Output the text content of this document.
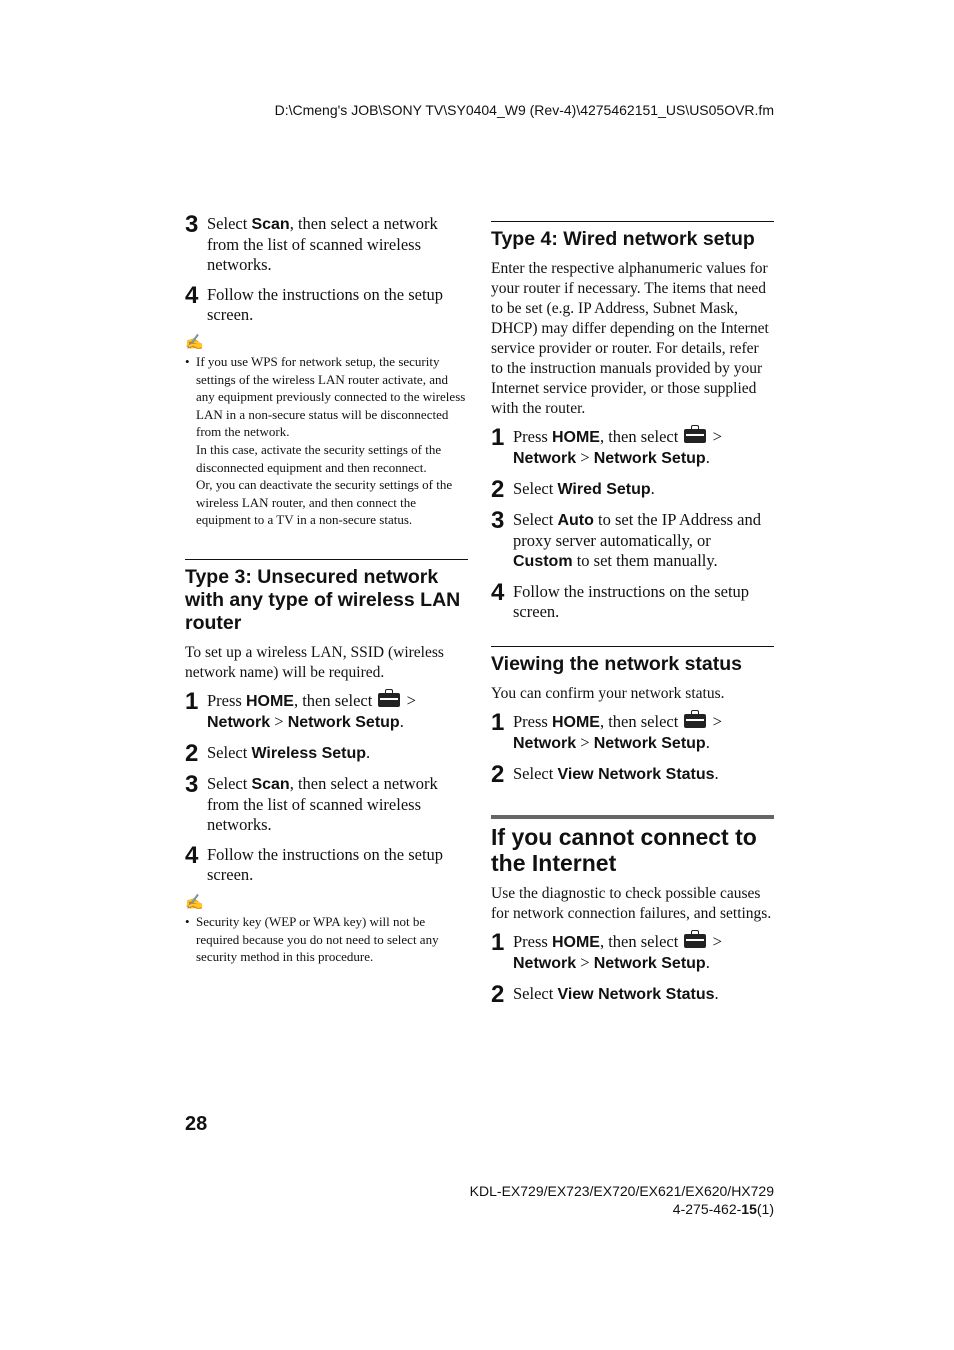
D:\Cmeng's JOB\SONY TV\SY0404_W9 (Rev-4)\4275462151_US\US05OVR.fm
3 Select Scan, then select a network from the list of scanned wireless networks.
4 Follow the instructions on the setup screen.
✍
• If you use WPS for network setup, the security settings of the wireless LAN router activate, and any equipment previously connected to the wireless LAN in a non-secure status will be disconnected from the network.
In this case, activate the security settings of the disconnected equipment and then reconnect.
Or, you can deactivate the security settings of the wireless LAN router, and then connect the equipment to a TV in a non-secure status.
Type 3: Unsecured network with any type of wireless LAN router
To set up a wireless LAN, SSID (wireless network name) will be required.
1 Press HOME, then select  >
Network > Network Setup.
2 Select Wireless Setup.
3 Select Scan, then select a network from the list of scanned wireless networks.
4 Follow the instructions on the setup screen.
✍
• Security key (WEP or WPA key) will not be required because you do not need to select any security method in this procedure.
Type 4: Wired network setup
Enter the respective alphanumeric values for your router if necessary. The items that need to be set (e.g. IP Address, Subnet Mask, DHCP) may differ depending on the Internet service provider or router. For details, refer to the instruction manuals provided by your Internet service provider, or those supplied with the router.
1 Press HOME, then select  >
Network > Network Setup.
2 Select Wired Setup.
3 Select Auto to set the IP Address and proxy server automatically, or Custom to set them manually.
4 Follow the instructions on the setup screen.
Viewing the network status
You can confirm your network status.
1 Press HOME, then select  >
Network > Network Setup.
2 Select View Network Status.
If you cannot connect to the Internet
Use the diagnostic to check possible causes for network connection failures, and settings.
1 Press HOME, then select  >
Network > Network Setup.
2 Select View Network Status.
28
KDL-EX729/EX723/EX720/EX621/EX620/HX729
4-275-462-15(1)
